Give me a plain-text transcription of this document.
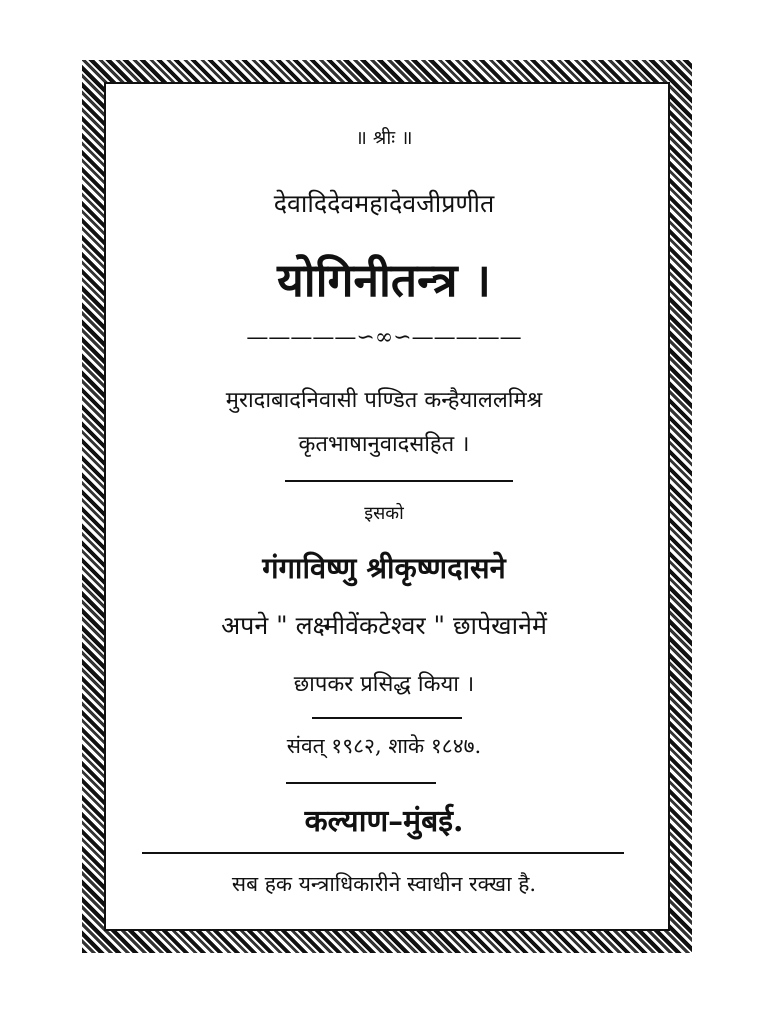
॥ श्रीः ॥
देवादिदेवमहादेवजीप्रणीत
योगिनीतन्त्र ।
—————∽∞∽—————
मुरादाबादनिवासी पण्डित कन्हैयाललमिश्र
कृतभाषानुवादसहित ।
इसको
गंगाविष्णु श्रीकृष्णदासने
अपने " लक्ष्मीवेंकटेश्वर " छापेखानेमें
छापकर प्रसिद्ध किया ।
संवत् १९८२, शाके १८४७.
कल्याण–मुंबई.
सब हक यन्त्राधिकारीने स्वाधीन रक्खा है.
